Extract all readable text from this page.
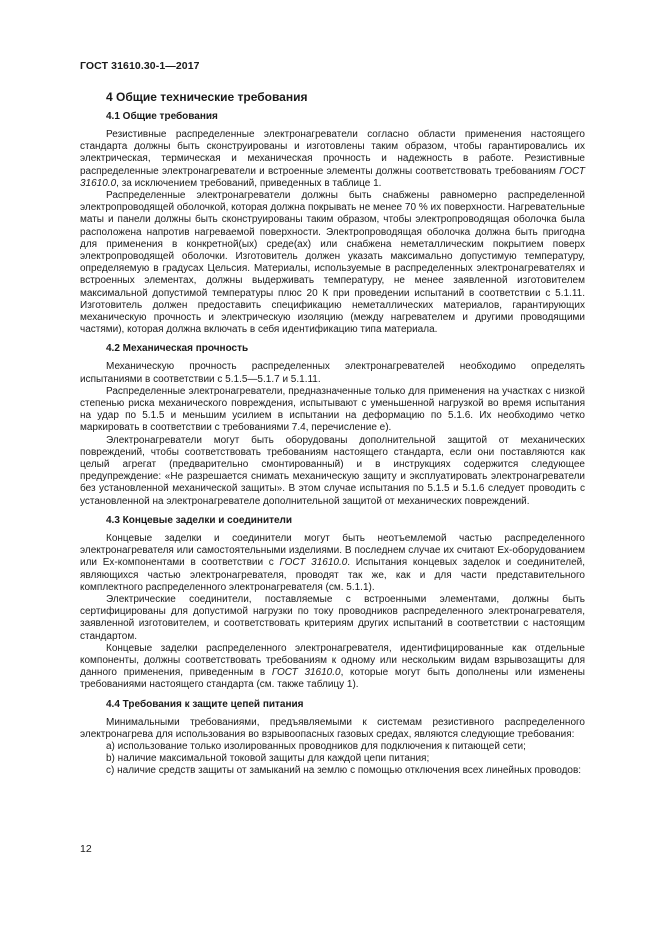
ГОСТ 31610.30-1—2017
4 Общие технические требования
4.1 Общие требования

Резистивные распределенные электронагреватели согласно области применения настоящего стандарта должны быть сконструированы и изготовлены таким образом, чтобы гарантировались их электрическая, термическая и механическая прочность и надежность в работе. Резистивные распределенные электронагреватели и встроенные элементы должны соответствовать требованиям ГОСТ 31610.0, за исключением требований, приведенных в таблице 1.

Распределенные электронагреватели должны быть снабжены равномерно распределенной электропроводящей оболочкой, которая должна покрывать не менее 70 % их поверхности. Нагревательные маты и панели должны быть сконструированы таким образом, чтобы электропроводящая оболочка была расположена напротив нагреваемой поверхности. Электропроводящая оболочка должна быть пригодна для применения в конкретной(ых) среде(ах) или снабжена неметаллическим покрытием поверх электропроводящей оболочки. Изготовитель должен указать максимально допустимую температуру, определяемую в градусах Цельсия. Материалы, используемые в распределенных электронагревателях и встроенных элементах, должны выдерживать температуру, не менее заявленной изготовителем максимальной допустимой температуры плюс 20 К при проведении испытаний в соответствии с 5.1.11. Изготовитель должен предоставить спецификацию неметаллических материалов, гарантирующих механическую прочность и электрическую изоляцию (между нагревателем и другими проводящими частями), которая должна включать в себя идентификацию типа материала.

4.2 Механическая прочность

Механическую прочность распределенных электронагревателей необходимо определять испытаниями в соответствии с 5.1.5—5.1.7 и 5.1.11.

Распределенные электронагреватели, предназначенные только для применения на участках с низкой степенью риска механического повреждения, испытывают с уменьшенной нагрузкой во время испытания на удар по 5.1.5 и меньшим усилием в испытании на деформацию по 5.1.6. Их необходимо четко маркировать в соответствии с требованиями 7.4, перечисление е).

Электронагреватели могут быть оборудованы дополнительной защитой от механических повреждений, чтобы соответствовать требованиям настоящего стандарта, если они поставляются как целый агрегат (предварительно смонтированный) и в инструкциях содержится следующее предупреждение: «Не разрешается снимать механическую защиту и эксплуатировать электронагреватели без установленной механической защиты». В этом случае испытания по 5.1.5 и 5.1.6 следует проводить с установленной на электронагревателе дополнительной защитой от механических повреждений.

4.3 Концевые заделки и соединители

Концевые заделки и соединители могут быть неотъемлемой частью распределенного электронагревателя или самостоятельными изделиями. В последнем случае их считают Ex-оборудованием или Ex-компонентами в соответствии с ГОСТ 31610.0. Испытания концевых заделок и соединителей, являющихся частью электронагревателя, проводят так же, как и для части представительного комплектного распределенного электронагревателя (см. 5.1.1).

Электрические соединители, поставляемые с встроенными элементами, должны быть сертифицированы для допустимой нагрузки по току проводников распределенного электронагревателя, заявленной изготовителем, и соответствовать критериям других испытаний в соответствии с настоящим стандартом.

Концевые заделки распределенного электронагревателя, идентифицированные как отдельные компоненты, должны соответствовать требованиям к одному или нескольким видам взрывозащиты для данного применения, приведенным в ГОСТ 31610.0, которые могут быть дополнены или изменены требованиями настоящего стандарта (см. также таблицу 1).

4.4 Требования к защите цепей питания

Минимальными требованиями, предъявляемыми к системам резистивного распределенного электронагрева для использования во взрывоопасных газовых средах, являются следующие требования:

а) использование только изолированных проводников для подключения к питающей сети;
b) наличие максимальной токовой защиты для каждой цепи питания;
с) наличие средств защиты от замыканий на землю с помощью отключения всех линейных проводов:
12
